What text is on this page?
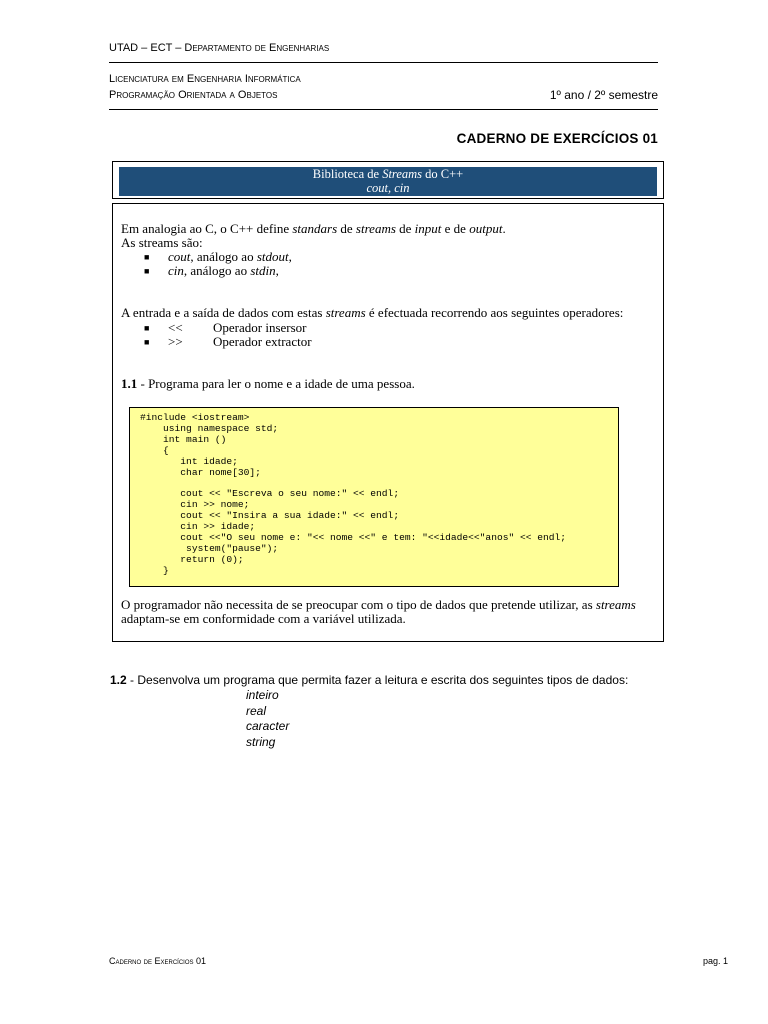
UTAD – ECT – Departamento de Engenharias
Licenciatura em Engenharia Informática
Programação Orientada a Objetos	1º ano / 2º semestre
CADERNO DE EXERCÍCIOS 01
Biblioteca de Streams do C++
cout, cin
Em analogia ao C, o C++ define standars de streams de input e de output.
As streams são:
■ cout, análogo ao stdout,
■ cin, análogo ao stdin,
A entrada e a saída de dados com estas streams é efectuada recorrendo aos seguintes operadores:
■ << Operador insersor
■ >> Operador extractor
1.1 - Programa para ler o nome e a idade de uma pessoa.
#include <iostream>
using namespace std;
int main ()
{
int idade;
char nome[30];

cout << "Escreva o seu nome:" << endl;
cin >> nome;
cout << "Insira a sua idade:" << endl;
cin >> idade;
cout <<"O seu nome e: "<< nome <<" e tem: "<<idade<<"anos" << endl;
system("pause");
return (0);
}
O programador não necessita de se preocupar com o tipo de dados que pretende utilizar, as streams
adaptam-se em conformidade com a variável utilizada.
1.2 - Desenvolva um programa que permita fazer a leitura e escrita dos seguintes tipos de dados:
inteiro
real
caracter
string
Caderno de Exercícios 01	pag. 1
